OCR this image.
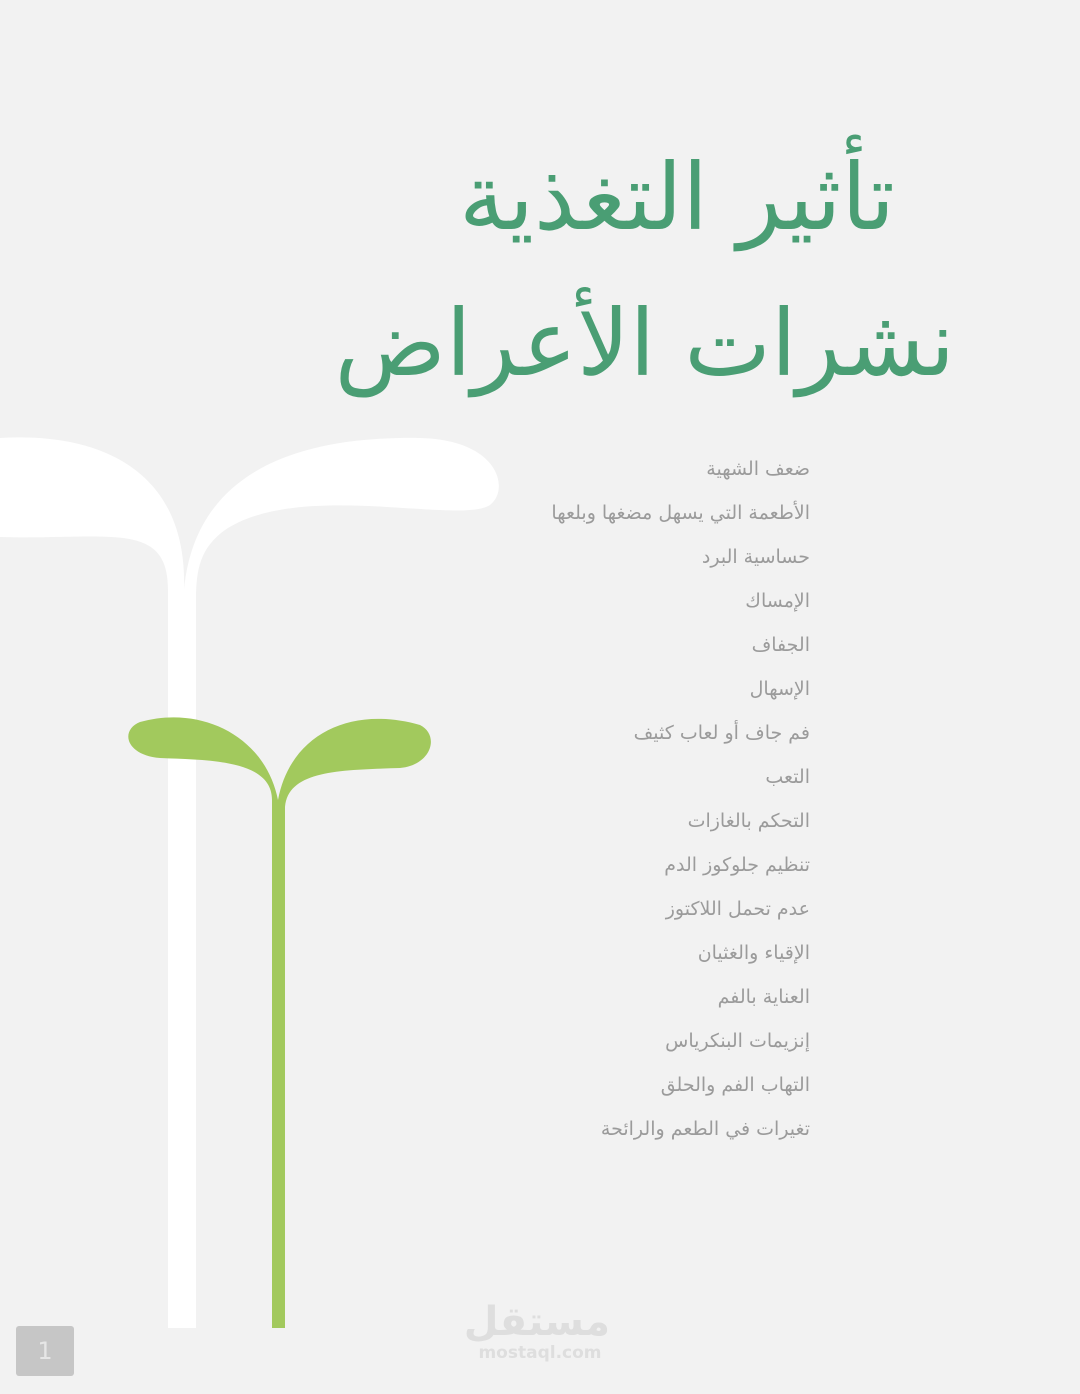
تأثير التغذية
نشرات الأعراض
ضعف الشهية
الأطعمة التي يسهل مضغها وبلعها
حساسية البرد
الإمساك
الجفاف
الإسهال
فم جاف أو لعاب كثيف
التعب
التحكم بالغازات
تنظيم جلوكوز الدم
عدم تحمل اللاكتوز
الإقياء والغثيان
العناية بالفم
إنزيمات البنكرياس
التهاب الفم والحلق
تغيرات في الطعم والرائحة
مستقل
mostaql.com
1
